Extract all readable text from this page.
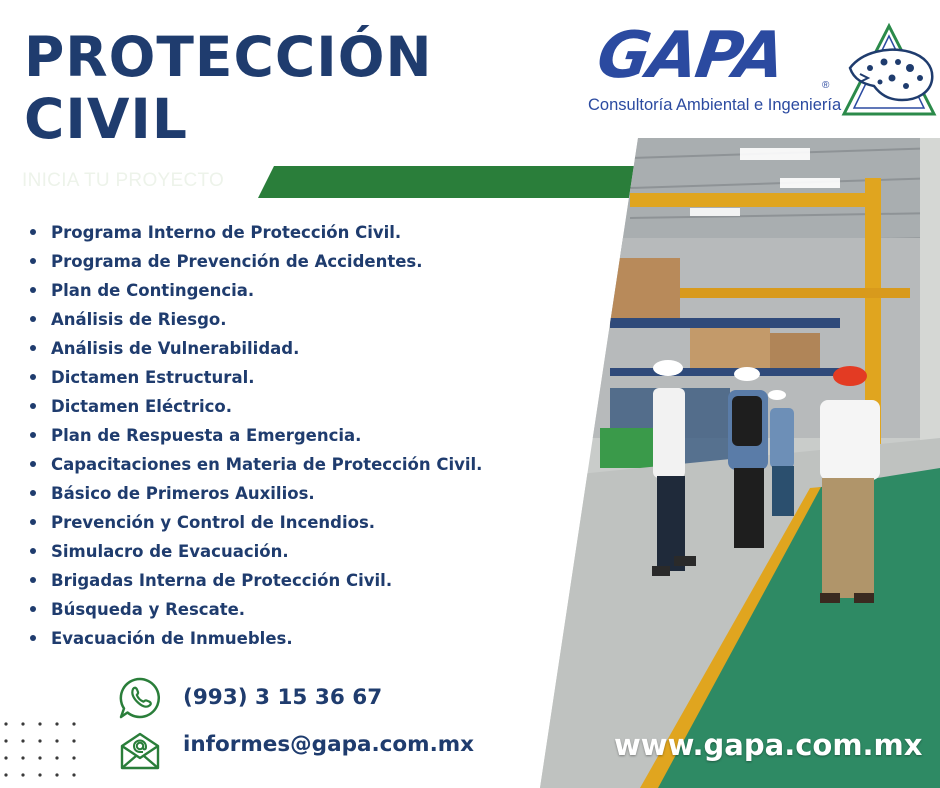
PROTECCIÓN
CIVIL
GAPA	®
Consultoría Ambiental e Ingeniería
INICIA TU PROYECTO
Programa Interno de Protección Civil.
Programa de Prevención de Accidentes.
Plan de Contingencia.
Análisis de Riesgo.
Análisis de Vulnerabilidad.
Dictamen Estructural.
Dictamen Eléctrico.
Plan de Respuesta a Emergencia.
Capacitaciones en Materia de Protección Civil.
Básico de Primeros Auxilios.
Prevención y Control de Incendios.
Simulacro de Evacuación.
Brigadas Interna de Protección Civil.
Búsqueda y Rescate.
Evacuación de Inmuebles.
www.gapa.com.mx
(993) 3 15 36 67
informes@gapa.com.mx
